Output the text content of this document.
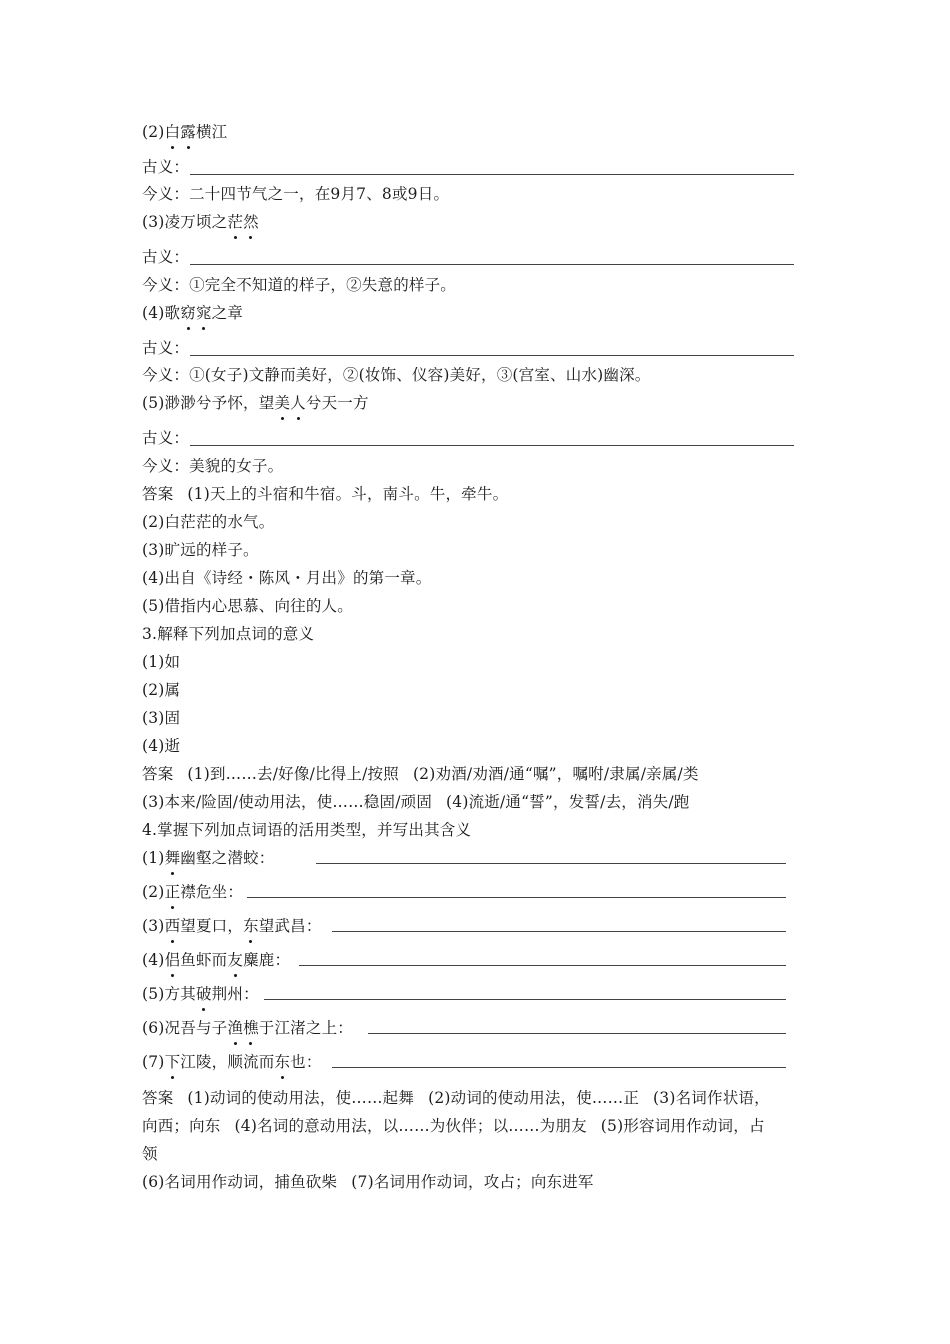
(2)白露横江
古义：
今义：二十四节气之一，在9月7、8或9日。
(3)凌万顷之茫然
古义：
今义：①完全不知道的样子，②失意的样子。
(4)歌窈窕之章
古义：
今义：①(女子)文静而美好，②(妆饰、仪容)美好，③(宫室、山水)幽深。
(5)渺渺兮予怀，望美人兮天一方
古义：
今义：美貌的女子。
答案 (1)天上的斗宿和牛宿。斗，南斗。牛，牵牛。
(2)白茫茫的水气。
(3)旷远的样子。
(4)出自《诗经・陈风・月出》的第一章。
(5)借指内心思慕、向往的人。
3.解释下列加点词的意义
(1)如
(2)属
(3)固
(4)逝
答案 (1)到……去/好像/比得上/按照 (2)劝酒/劝酒/通“嘱”，嘱咐/隶属/亲属/类
(3)本来/险固/使动用法，使……稳固/顽固 (4)流逝/通“誓”，发誓/去，消失/跑
4.掌握下列加点词语的活用类型，并写出其含义
(1)舞幽壑之潜蛟：
(2)正襟危坐：
(3)西望夏口，东望武昌：
(4)侣鱼虾而友麋鹿：
(5)方其破荆州：
(6)况吾与子渔樵于江渚之上：
(7)下江陵，顺流而东也：
答案 (1)动词的使动用法，使……起舞 (2)动词的使动用法，使……正 (3)名词作状语，
向西；向东 (4)名词的意动用法，以……为伙伴；以……为朋友 (5)形容词用作动词，占
领
(6)名词用作动词，捕鱼砍柴 (7)名词用作动词，攻占；向东进军
